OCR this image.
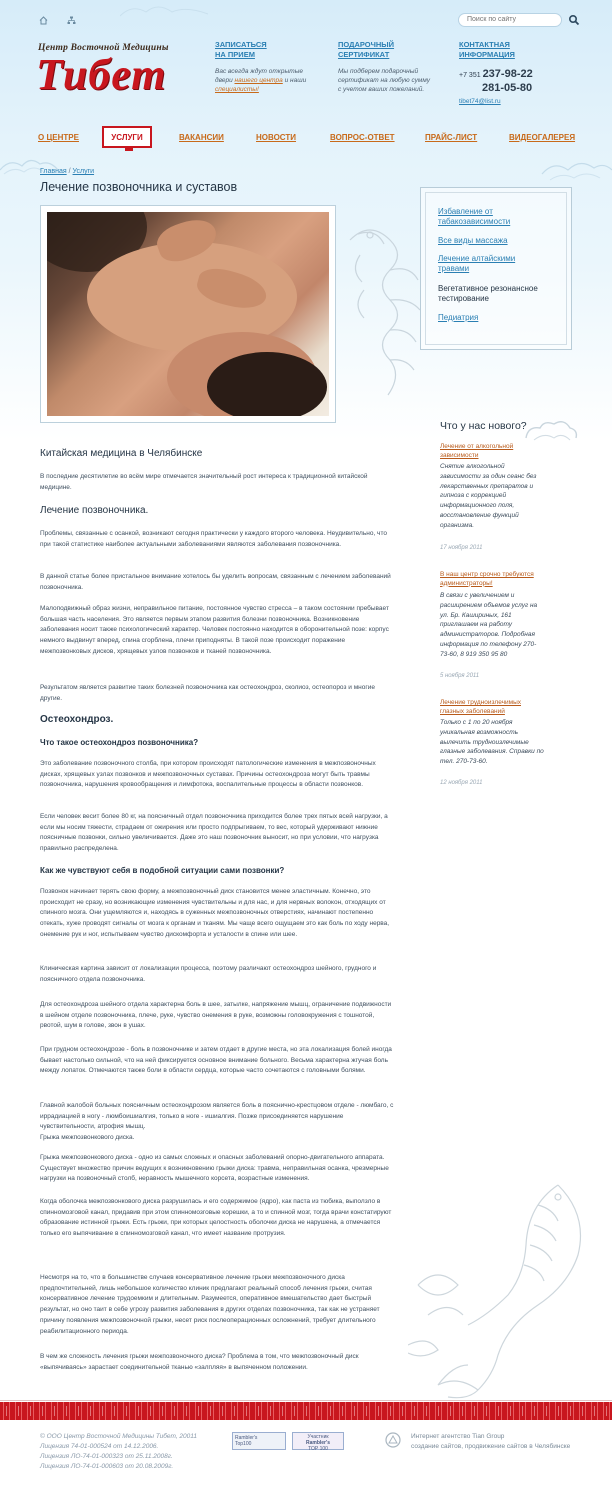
Поиск по сайту
Центр Восточной Медицины
Тибет
ЗАПИСАТЬСЯ
НА ПРИЕМ
Вас всегда ждут открытые
двери нашего центра и наши
специалисты!
ПОДАРОЧНЫЙ
СЕРТИФИКАТ
Мы подберем подарочный
сертификат на любую сумму
с учетом ваших пожеланий.
КОНТАКТНАЯ
ИНФОРМАЦИЯ
+7 351 237-98-22
281-05-80
tibet74@list.ru
О ЦЕНТРЕ	УСЛУГИ	ВАКАНСИИ	НОВОСТИ	ВОПРОС-ОТВЕТ	ПРАЙС-ЛИСТ	ВИДЕОГАЛЕРЕЯ
Главная / Услуги
Лечение позвоночника и суставов
Избавление от
табакозависимости
Все виды массажа
Лечение алтайскими
травами
Вегетативное резонансное
тестирование
Педиатрия
Что у нас нового?
Лечение от алкогольной
зависимости
Снятие алкогольной
зависимости за один сеанс без
лекарственных препаратов и
гипноза с коррекцией
информационного поля,
восстановление функций
организма.
17 ноября 2011
В наш центр срочно требуются
администраторы!
В связи с увеличением и
расширением объемов услуг на
ул. Бр. Кашириных, 161
приглашаем на работу
администраторов. Подробная
информация по телефону 270-
73-60, 8 919 350 95 80
5 ноября 2011
Лечение трудноизлечимых
глазных заболеваний
Только с 1 по 20 ноября
уникальная возможность
вылечить трудноизлечимые
глазные заболевания. Справки по
тел. 270-73-60.
12 ноября 2011
Китайская медицина в Челябинске
В последние десятилетие во всём мире отмечается значительный рост интереса к традиционной китайской медицине.
Лечение позвоночника.
Проблемы, связанные с осанкой, возникают сегодня практически у каждого второго человека. Неудивительно, что при такой статистике наиболее актуальными заболеваниями являются заболевания позвоночника.
В данной статье более пристальное внимание хотелось бы уделить вопросам, связанным с лечением заболеваний позвоночника.
Малоподвижный образ жизни, неправильное питание, постоянное чувство стресса – в таком состоянии пребывает большая часть населения. Это является первым этапом развития болезни позвоночника. Возникновение заболевания носит также психологический характер. Человек постоянно находится в оборонительной позе: корпус немного выдвинут вперед, спина сгорблена, плечи приподняты. В такой позе происходит поражение межпозвонковых дисков, хрящевых узлов позвонков и тканей позвоночника.
Результатом является развитие таких болезней позвоночника как остеохондроз, сколиоз, остеопороз и многие другие.
Остеохондроз.
Что такое остеохондроз позвоночника?
Это заболевание позвоночного столба, при котором происходят патологические изменения в межпозвоночных дисках, хрящевых узлах позвонков и межпозвоночных суставах. Причины остеохондроза могут быть травмы позвоночника, нарушения кровообращения и лимфотока, воспалительные процессы в области позвонков.
Если человек весит более 80 кг, на поясничный отдел позвоночника приходится более трех пятых всей нагрузки, а если мы носим тяжести, страдаем от ожирения или просто подпрыгиваем, то вес, который удерживают нижние поясничные позвонки, сильно увеличивается. Даже это наш позвоночник выносит, но при условии, что нагрузка правильно распределена.
Как же чувствуют себя в подобной ситуации сами позвонки?
Позвонок начинает терять свою форму, а межпозвоночный диск становится менее эластичным. Конечно, это происходит не сразу, но возникающие изменения чувствительны и для нас, и для нервных волокон, отходящих от спинного мозга. Они ущемляются и, находясь в суженных межпозвоночных отверстиях, начинают постепенно отекать, хуже проводят сигналы от мозга к органам и тканям. Мы чаще всего ощущаем это как боль по ходу нерва, онемение рук и ног, испытываем чувство дискомфорта и усталости в спине или шее.
Клиническая картина зависит от локализации процесса, поэтому различают остеохондроз шейного, грудного и поясничного отдела позвоночника.
Для остеохондроза шейного отдела характерна боль в шее, затылке, напряжение мышц, ограничение подвижности в шейном отделе позвоночника, плече, руке, чувство онемения в руке, возможны головокружения с тошнотой, рвотой, шум в голове, звон в ушах.
При грудном остеохондрозе - боль в позвоночнике и затем отдает в другие места, но эта локализация болей иногда бывает настолько сильной, что на ней фиксируется основное внимание больного. Весьма характерна жгучая боль между лопаток. Отмечаются также боли в области сердца, которые часто сочетаются с головными болями.
Главной жалобой больных поясничным остеохондрозом является боль в пояснично-крестцовом отделе - люмбаго, с иррадиацией в ногу - люмбоишиалгия, только в ноге - ишиалгия. Позже присоединяется нарушение чувствительности, атрофия мышц.
Грыжа межпозвонкового диска.
Грыжа межпозвонкового диска - одно из самых сложных и опасных заболеваний опорно-двигательного аппарата. Существует множество причин ведущих к возникновению грыжи диска: травма, неправильная осанка, чрезмерные нагрузки на позвоночный столб, неравность мышечного корсета, возрастные изменения.
Когда оболочка межпозвонкового диска разрушилась и его содержимое (ядро), как паста из тюбика, выползло в спинномозговой канал, придавив при этом спинномозговые корешки, а то и спинной мозг, тогда врачи констатируют образование истинной грыжи. Есть грыжи, при которых целостность оболочки диска не нарушена, а отмечается только его выпячивание в спинномозговой канал, что имеет название протрузия.
Несмотря на то, что в большинстве случаев консервативное лечение грыжи межпозвоночного диска предпочтительней, лишь небольшое количество клиник предлагают реальный способ лечения грыжи, считая консервативное лечение трудоемким и длительным. Разумеется, оперативное вмешательство дает быстрый результат, но оно таит в себе угрозу развития заболевания в других отделах позвоночника, так как не устраняет причину появления межпозвоночной грыжи, несет риск послеоперационных осложнений, требует длительного реабилитационного периода.
В чем же сложность лечения грыжи межпозвоночного диска? Проблема в том, что межпозвоночный диск «выпячиваясь» зарастает соединительной тканью «залпляя» в выпяченном положении.
© ООО Центр Восточной Медицины Тибет, 20011
Лицензия 74-01-000524 от 14.12.2006.
Лицензия ЛО-74-01-000323 от 25.11.2008г.
Лицензия ЛО-74-01-000603 от 20.08.2009г.
Rambler's
Top100
Участник
Rambler's
TOP 100
Интернет агентство Tian Group
создание сайтов, продвижение сайтов в Челябинске
